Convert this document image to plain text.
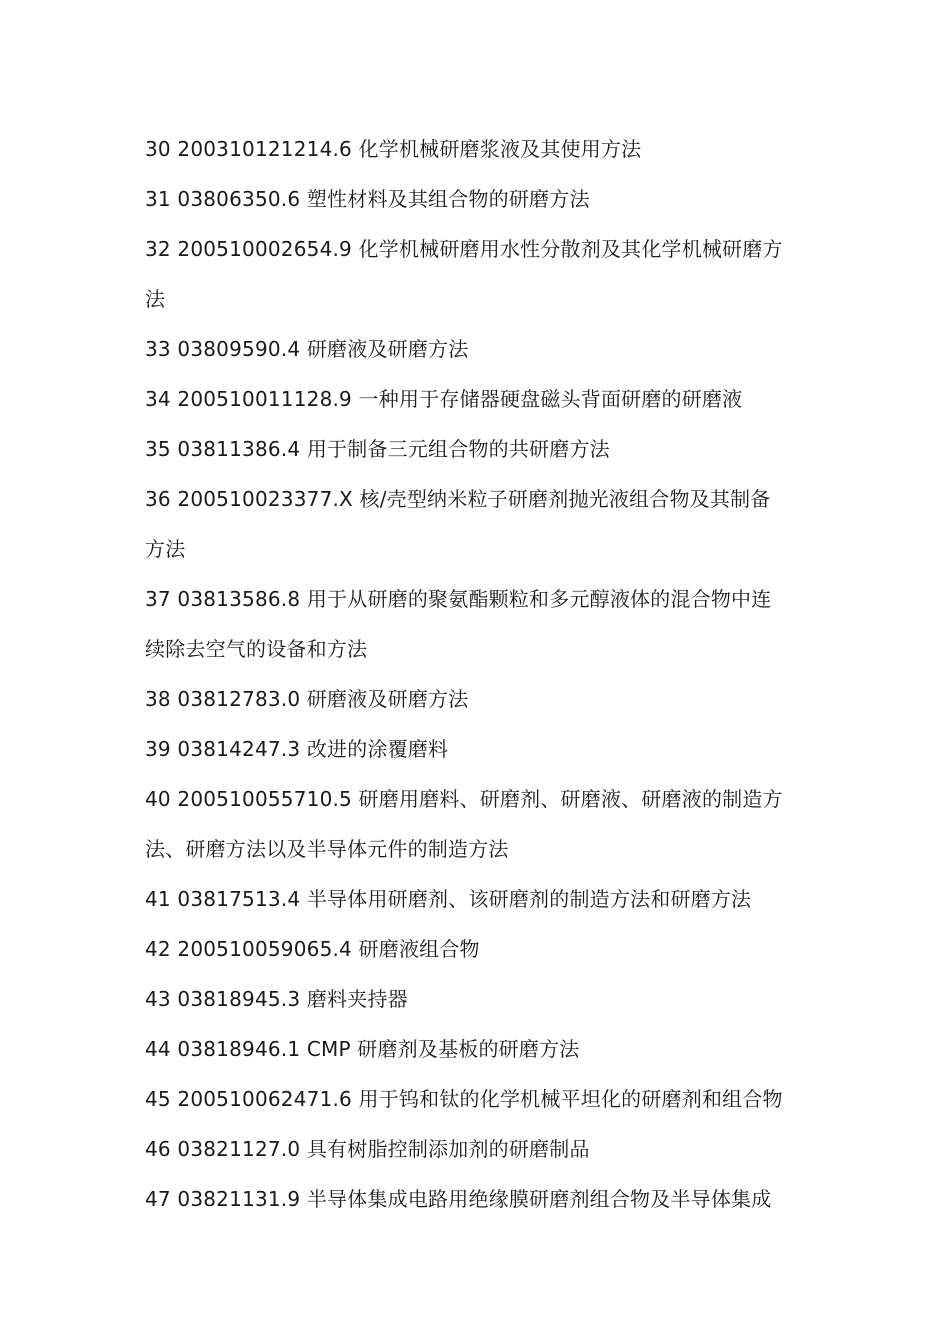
30 200310121214.6 化学机械研磨浆液及其使用方法
31 03806350.6 塑性材料及其组合物的研磨方法
32 200510002654.9 化学机械研磨用水性分散剂及其化学机械研磨方
法
33 03809590.4 研磨液及研磨方法
34 200510011128.9 一种用于存储器硬盘磁头背面研磨的研磨液
35 03811386.4 用于制备三元组合物的共研磨方法
36 200510023377.X 核/壳型纳米粒子研磨剂抛光液组合物及其制备
方法
37 03813586.8 用于从研磨的聚氨酯颗粒和多元醇液体的混合物中连
续除去空气的设备和方法
38 03812783.0 研磨液及研磨方法
39 03814247.3 改进的涂覆磨料
40 200510055710.5 研磨用磨料、研磨剂、研磨液、研磨液的制造方
法、研磨方法以及半导体元件的制造方法
41 03817513.4 半导体用研磨剂、该研磨剂的制造方法和研磨方法
42 200510059065.4 研磨液组合物
43 03818945.3 磨料夹持器
44 03818946.1 CMP 研磨剂及基板的研磨方法
45 200510062471.6 用于钨和钛的化学机械平坦化的研磨剂和组合物
46 03821127.0 具有树脂控制添加剂的研磨制品
47 03821131.9 半导体集成电路用绝缘膜研磨剂组合物及半导体集成
